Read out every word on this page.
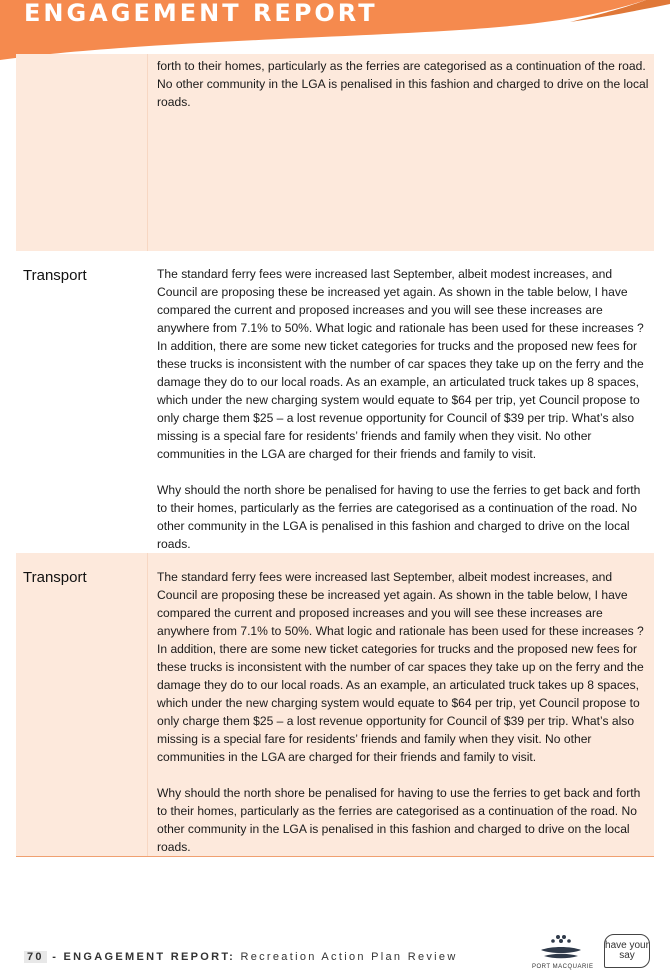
ENGAGEMENT REPORT

forth to their homes, particularly as the ferries are categorised as a continuation of the road. No other community in the LGA is penalised in this fashion and charged to drive on the local roads.

Transport	The standard ferry fees were increased last September, albeit modest increases, and Council are proposing these be increased yet again. As shown in the table below, I have compared the current and proposed increases and you will see these increases are anywhere from 7.1% to 50%. What logic and rationale has been used for these increases ? In addition, there are some new ticket categories for trucks and the proposed new fees for these trucks is inconsistent with the number of car spaces they take up on the ferry and the damage they do to our local roads. As an example, an articulated truck takes up 8 spaces, which under the new charging system would equate to $64 per trip, yet Council propose to only charge them $25 – a lost revenue opportunity for Council of $39 per trip. What’s also missing is a special fare for residents’ friends and family when they visit. No other communities in the LGA are charged for their friends and family to visit.

Why should the north shore be penalised for having to use the ferries to get back and forth to their homes, particularly as the ferries are categorised as a continuation of the road. No other community in the LGA is penalised in this fashion and charged to drive on the local roads.

Transport	The standard ferry fees were increased last September, albeit modest increases, and Council are proposing these be increased yet again. As shown in the table below, I have compared the current and proposed increases and you will see these increases are anywhere from 7.1% to 50%. What logic and rationale has been used for these increases ? In addition, there are some new ticket categories for trucks and the proposed new fees for these trucks is inconsistent with the number of car spaces they take up on the ferry and the damage they do to our local roads. As an example, an articulated truck takes up 8 spaces, which under the new charging system would equate to $64 per trip, yet Council propose to only charge them $25 – a lost revenue opportunity for Council of $39 per trip. What’s also missing is a special fare for residents’ friends and family when they visit. No other communities in the LGA are charged for their friends and family to visit.

Why should the north shore be penalised for having to use the ferries to get back and forth to their homes, particularly as the ferries are categorised as a continuation of the road. No other community in the LGA is penalised in this fashion and charged to drive on the local roads.

70 - ENGAGEMENT REPORT: Recreation Action Plan Review
PORT MACQUARIE
have your say
